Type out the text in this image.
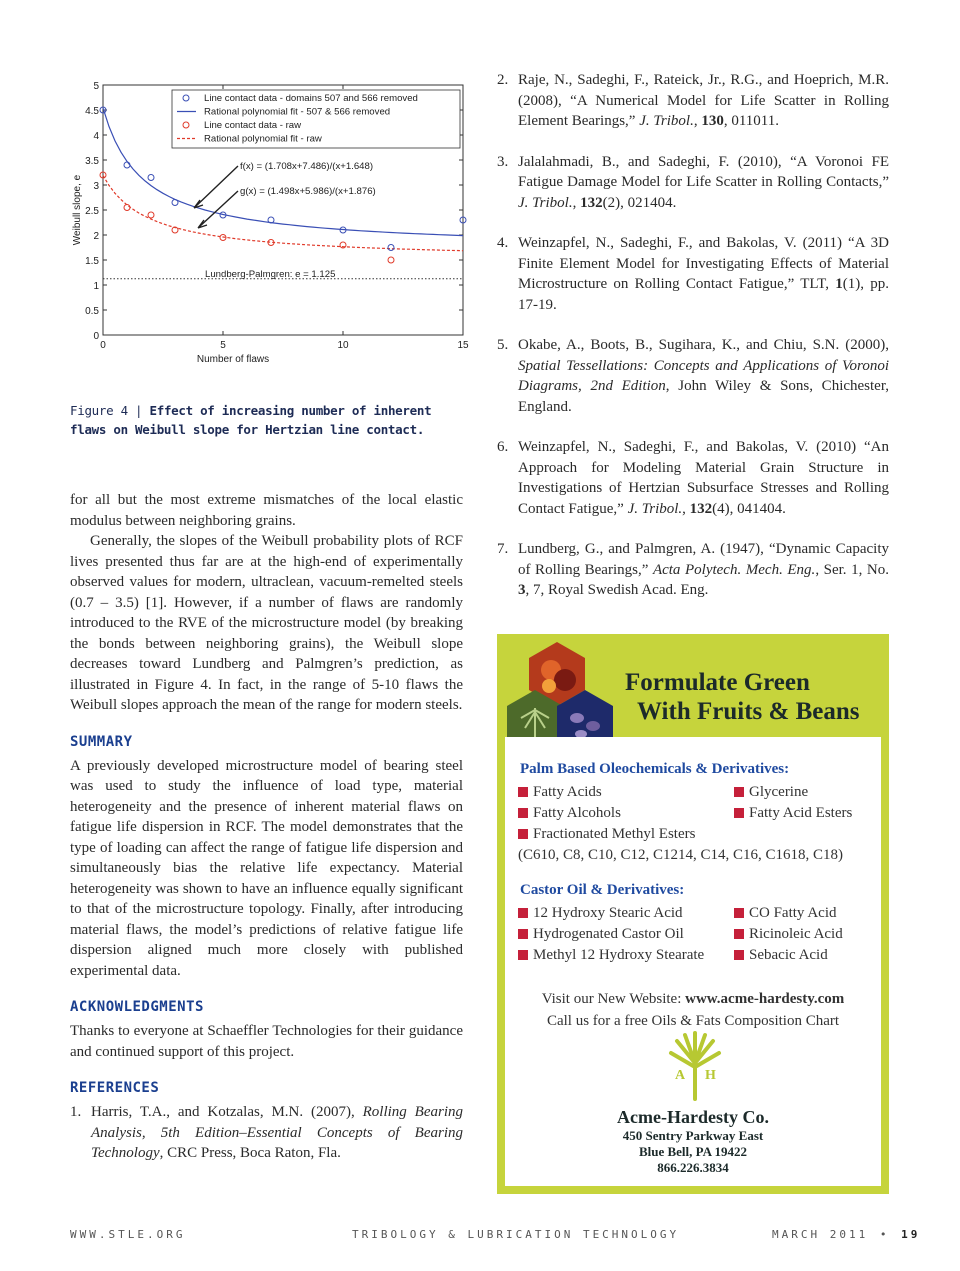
0
0.5
1
1.5
2
2.5
3
3.5
4
4.5
5
0	5	10	15
Number of flaws
Weibull slope, e
Line contact data - domains 507 and 566 removed
Rational polynomial fit - 507 & 566 removed
Line contact data - raw
Rational polynomial fit - raw
f(x) = (1.708x+7.486)/(x+1.648)
g(x) = (1.498x+5.986)/(x+1.876)
Lundberg-Palmgren: e = 1.125
Figure 4 | Effect of increasing number of inherent flaws on Weibull slope for Hertzian line contact.

for all but the most extreme mismatches of the local elastic modulus between neighboring grains.

Generally, the slopes of the Weibull probability plots of RCF lives presented thus far are at the high-end of experimentally observed values for modern, ultraclean, vacuum-remelted steels (0.7 – 3.5) [1]. However, if a number of flaws are randomly introduced to the RVE of the microstructure model (by breaking the bonds between neighboring grains), the Weibull slope decreases toward Lundberg and Palmgren’s prediction, as illustrated in Figure 4. In fact, in the range of 5-10 flaws the Weibull slopes approach the mean of the range for modern steels.

SUMMARY

A previously developed microstructure model of bearing steel was used to study the influence of load type, material heterogeneity and the presence of inherent material flaws on fatigue life dispersion in RCF. The model demonstrates that the type of loading can affect the range of fatigue life dispersion and simultaneously bias the relative life expectancy. Material heterogeneity was shown to have an influence equally significant to that of the microstructure topology. Finally, after introducing material flaws, the model’s predictions of relative fatigue life dispersion aligned much more closely with published experimental data.

ACKNOWLEDGMENTS

Thanks to everyone at Schaeffler Technologies for their guidance and continued support of this project.

REFERENCES
1. Harris, T.A., and Kotzalas, M.N. (2007), Rolling Bearing Analysis, 5th Edition–Essential Concepts of Bearing Technology, CRC Press, Boca Raton, Fla.
2. Raje, N., Sadeghi, F., Rateick, Jr., R.G., and Hoeprich, M.R. (2008), “A Numerical Model for Life Scatter in Rolling Element Bearings,” J. Tribol., 130, 011011.
3. Jalalahmadi, B., and Sadeghi, F. (2010), “A Voronoi FE Fatigue Damage Model for Life Scatter in Rolling Contacts,” J. Tribol., 132(2), 021404.
4. Weinzapfel, N., Sadeghi, F., and Bakolas, V. (2011) “A 3D Finite Element Model for Investigating Effects of Material Microstructure on Rolling Contact Fatigue,” TLT, 1(1), pp. 17-19.
5. Okabe, A., Boots, B., Sugihara, K., and Chiu, S.N. (2000), Spatial Tessellations: Concepts and Applications of Voronoi Diagrams, 2nd Edition, John Wiley & Sons, Chichester, England.
6. Weinzapfel, N., Sadeghi, F., and Bakolas, V. (2010) “An Approach for Modeling Material Grain Structure in Investigations of Hertzian Subsurface Stresses and Rolling Contact Fatigue,” J. Tribol., 132(4), 041404.
7. Lundberg, G., and Palmgren, A. (1947), “Dynamic Capacity of Rolling Bearings,” Acta Polytech. Mech. Eng., Ser. 1, No. 3, 7, Royal Swedish Acad. Eng.
Formulate Green
With Fruits & Beans
Palm Based Oleochemicals & Derivatives:
Fatty Acids	Glycerine
Fatty Alcohols	Fatty Acid Esters
Fractionated Methyl Esters
(C610, C8, C10, C12, C1214, C14, C16, C1618, C18)
Castor Oil & Derivatives:
12 Hydroxy Stearic Acid	CO Fatty Acid
Hydrogenated Castor Oil	Ricinoleic Acid
Methyl 12 Hydroxy Stearate	Sebacic Acid
Visit our New Website: www.acme-hardesty.com
Call us for a free Oils & Fats Composition Chart
A H
Acme-Hardesty Co.
450 Sentry Parkway East
Blue Bell, PA 19422
866.226.3834
WWW.STLE.ORG	TRIBOLOGY & LUBRICATION TECHNOLOGY	MARCH 2011 • 19
